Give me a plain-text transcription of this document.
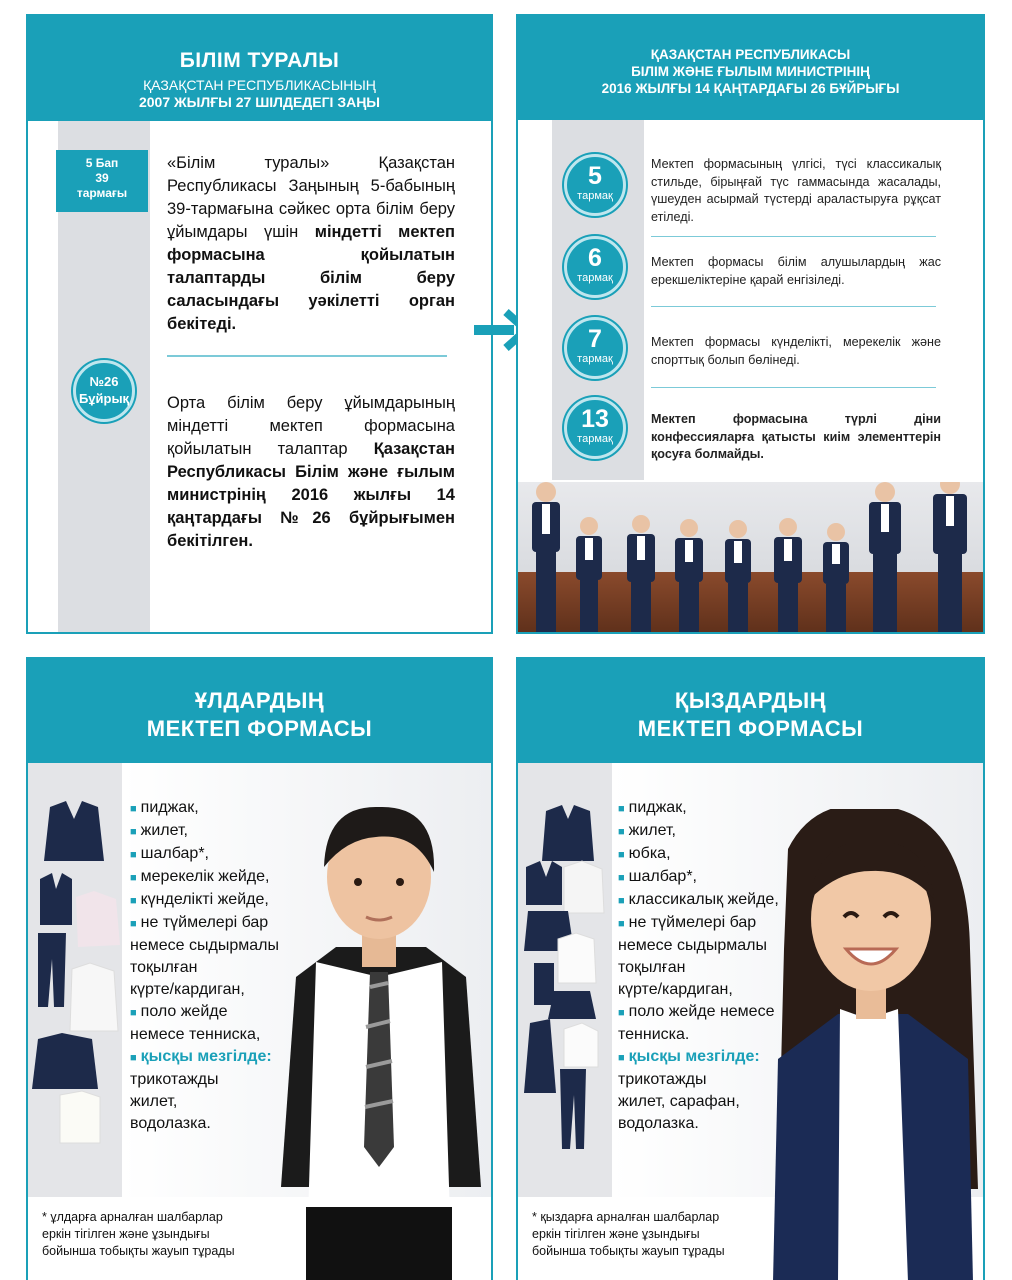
БІЛІМ ТУРАЛЫ
ҚАЗАҚСТАН РЕСПУБЛИКАСЫНЫҢ
2007 ЖЫЛҒЫ 27 ШІЛДЕДЕГІ ЗАҢЫ
5 Бап
39
тармағы
№26
Бұйрық
«Білім туралы» Қазақстан Республикасы Заңының 5-бабының 39-тармағына сәйкес орта білім беру ұйымдары үшін міндетті мектеп формасына қойылатын талаптарды білім беру саласындағы уәкілетті орган бекітеді.
Орта білім беру ұйымдарының міндетті мектеп формасына қойылатын талаптар Қазақстан Республикасы Білім және ғылым министрінің 2016 жылғы 14 қаңтардағы №26 бұйрығымен бекітілген.
ҚАЗАҚСТАН РЕСПУБЛИКАСЫ
БІЛІМ ЖӘНЕ ҒЫЛЫМ МИНИСТРІНІҢ
2016 ЖЫЛҒЫ 14 ҚАҢТАРДАҒЫ 26 БҰЙРЫҒЫ
5
тармақ
Мектеп формасының үлгісі, түсі классикалық стильде, бірыңғай түс гаммасында жасалады, үшеуден асырмай түстерді араластыруға рұқсат етіледі.
6
тармақ
Мектеп формасы білім алушылардың жас ерекшеліктеріне қарай енгізіледі.
7
тармақ
Мектеп формасы күнделікті, мерекелік және спорттық болып бөлінеді.
13
тармақ
Мектеп формасына түрлі діни конфессияларға қатысты киім элементтерін қосуға болмайды.
ҰЛДАРДЫҢ
МЕКТЕП ФОРМАСЫ
■ пиджак,
■ жилет,
■ шалбар*,
■ мерекелік жейде,
■ күнделікті жейде,
■ не түймелері бар
немесе сыдырмалы
тоқылған
күрте/кардиган,
■ поло жейде
немесе тенниска,
■ қысқы мезгілде:
трикотажды
жилет,
водолазка.
* ұлдарға арналған шалбарлар
еркін тігілген және ұзындығы
бойынша тобықты жауып тұрады
ҚЫЗДАРДЫҢ
МЕКТЕП ФОРМАСЫ
■ пиджак,
■ жилет,
■ юбка,
■ шалбар*,
■ классикалық жейде,
■ не түймелері бар
немесе сыдырмалы
тоқылған
күрте/кардиган,
■ поло жейде немесе
тенниска.
■ қысқы мезгілде:
трикотажды
жилет, сарафан,
водолазка.
* қыздарға арналған шалбарлар
еркін тігілген және ұзындығы
бойынша тобықты жауып тұрады
